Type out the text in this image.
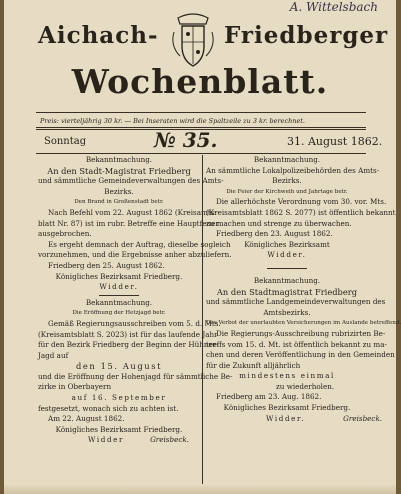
A. Wittelsbach
Aichach-	Friedberger
Wochenblatt.
Preis: vierteljährig 30 kr. — Bei Inseraten wird die Spaltzeile zu 3 kr. berechnet.
Sonntag	№ 35.	31. August 1862.

Bekanntmachung.

An den Stadt-Magistrat Friedberg

und sämmtliche Gemeindeverwaltungen des Amts-

Bezirks.

Den Brand in Großenstadt betr.

Nach Befehl vom 22. August 1862 (Kreisamts-

blatt Nr. 87) ist im rubr. Betreffe eine Hauptfeuer

ausgebrochen.

Es ergeht demnach der Auftrag, dieselbe sogleich

vorzunehmen, und die Ergebnisse anher abzuliefern.

Friedberg den 25. August 1862.

Königliches Bezirksamt Friedberg.

Widder.

Bekanntmachung.

Die Eröffnung der Hetzjagd betr.

Gemäß Regierungsausschreiben vom 5. d. Mts.

(Kreisamtsblatt S. 2023) ist für das laufende Jahr

für den Bezirk Friedberg der Beginn der Hühner-

Jagd auf

den 15. August

und die Eröffnung der Hohenjagd für sämmtliche Be-

zirke in Oberbayern

auf 16. September

festgesetzt, wonach sich zu achten ist.

Am 22. August 1862.

Königliches Bezirksamt Friedberg.

Widder	Greisbeck.

Bekanntmachung.

An sämmtliche Lokalpolizeibehörden des Amts-

Bezirks.

Die Feier der Kirchweih und Jahrtage betr.

Die allerhöchste Verordnung vom 30. vor. Mts.

(Kreisamtsblatt 1862 S. 2077) ist öffentlich bekannt

zu machen und strenge zu überwachen.

Friedberg den 23. August 1862.

Königliches Bezirksamt

Widder.

Bekanntmachung.

An den Stadtmagistrat Friedberg

und sämmtliche Landgemeindeverwaltungen des

Amtsbezirks.

Das Verbot der unerlaubten Versicherungen im Auslande betreffend.

Die Regierungs-Ausschreibung rubrizirten Be-

treffs vom 15. d. Mt. ist öffentlich bekannt zu ma-

chen und deren Veröffentlichung in den Gemeinden

für die Zukunft alljährlich

mindestens einmal

zu wiederholen.

Friedberg am 23. Aug. 1862.

Königliches Bezirksamt Friedberg.

Widder.	Greisbeck.
